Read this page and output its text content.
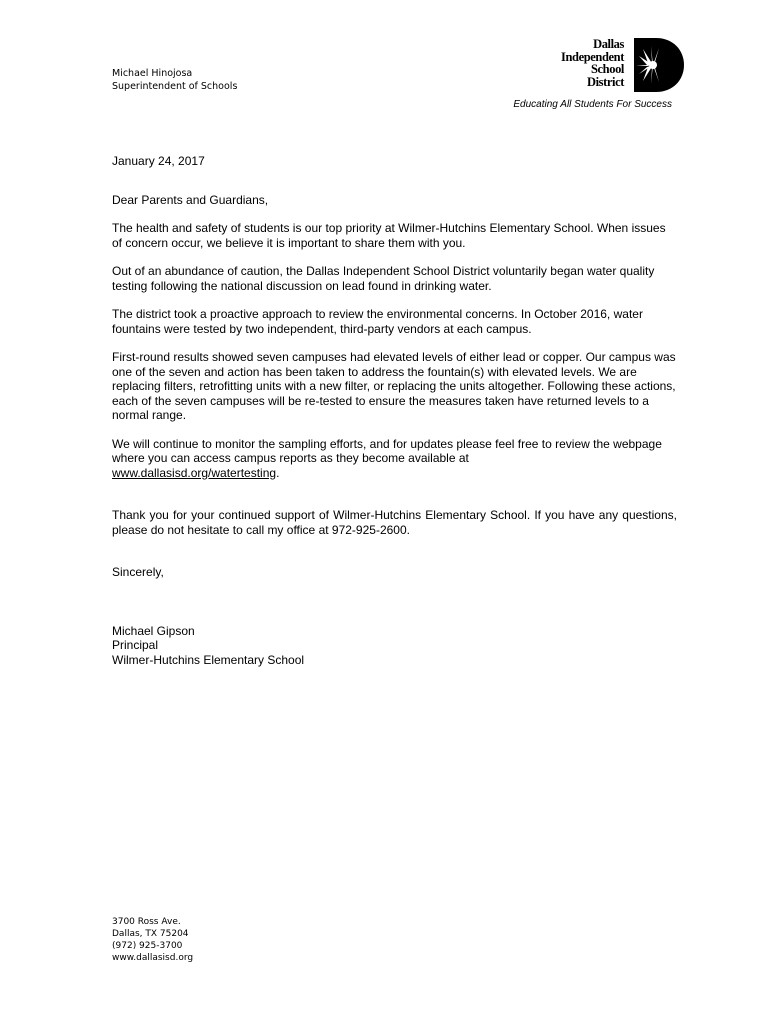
Michael Hinojosa
Superintendent of Schools
Dallas
Independent
School
District
Educating All Students For Success

January 24, 2017

Dear Parents and Guardians,

The health and safety of students is our top priority at Wilmer-Hutchins Elementary School. When issues of concern occur, we believe it is important to share them with you.

Out of an abundance of caution, the Dallas Independent School District voluntarily began water quality testing following the national discussion on lead found in drinking water.

The district took a proactive approach to review the environmental concerns. In October 2016, water fountains were tested by two independent, third-party vendors at each campus.

First-round results showed seven campuses had elevated levels of either lead or copper. Our campus was one of the seven and action has been taken to address the fountain(s) with elevated levels. We are replacing filters, retrofitting units with a new filter, or replacing the units altogether. Following these actions, each of the seven campuses will be re-tested to ensure the measures taken have returned levels to a normal range.

We will continue to monitor the sampling efforts, and for updates please feel free to review the webpage where you can access campus reports as they become available at
www.dallasisd.org/watertesting.

Thank you for your continued support of Wilmer-Hutchins Elementary School. If you have any questions, please do not hesitate to call my office at 972-925-2600.

Sincerely,

Michael Gipson

Principal

Wilmer-Hutchins Elementary School

3700 Ross Ave.
Dallas, TX 75204
(972) 925-3700
www.dallasisd.org
